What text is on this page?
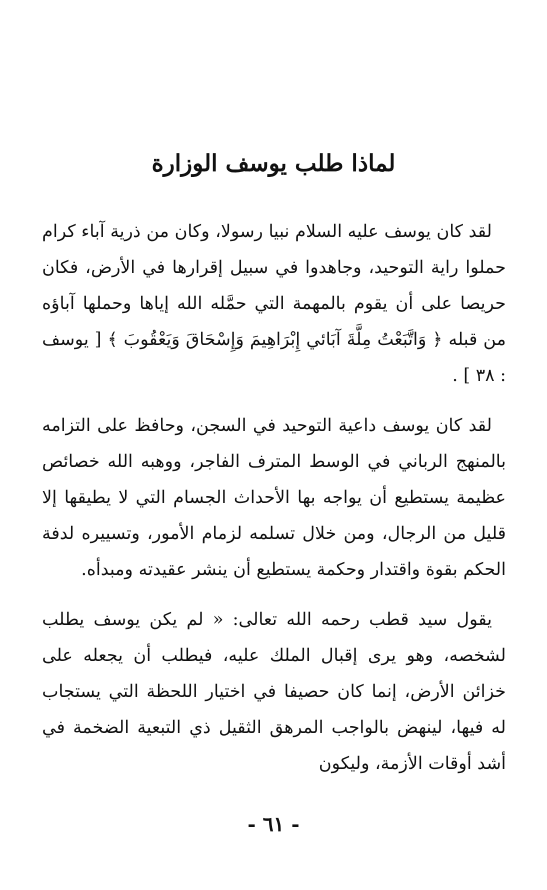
لماذا طلب يوسف الوزارة

لقد كان يوسف عليه السلام نبيا رسولا، وكان من ذرية آباء كرام حملوا راية التوحيد، وجاهدوا في سبيل إقرارها في الأرض، فكان حريصا على أن يقوم بالمهمة التي حمَّله الله إياها وحملها آباؤه من قبله ﴿ وَاتَّبَعْتُ مِلَّةَ آبَائي إِبْرَاهِيمَ وَإِسْحَاقَ وَيَعْقُوبَ ﴾ [ يوسف : ٣٨ ] .

لقد كان يوسف داعية التوحيد في السجن، وحافظ على التزامه بالمنهج الرباني في الوسط المترف الفاجر، ووهبه الله خصائص عظيمة يستطيع أن يواجه بها الأحداث الجسام التي لا يطيقها إلا قليل من الرجال، ومن خلال تسلمه لزمام الأمور، وتسييره لدفة الحكم بقوة واقتدار وحكمة يستطيع أن ينشر عقيدته ومبدأه.

يقول سيد قطب رحمه الله تعالى: « لم يكن يوسف يطلب لشخصه، وهو يرى إقبال الملك عليه، فيطلب أن يجعله على خزائن الأرض، إنما كان حصيفا في اختيار اللحظة التي يستجاب له فيها، لينهض بالواجب المرهق الثقيل ذي التبعية الضخمة في أشد أوقات الأزمة، وليكون

- ٦١ -
